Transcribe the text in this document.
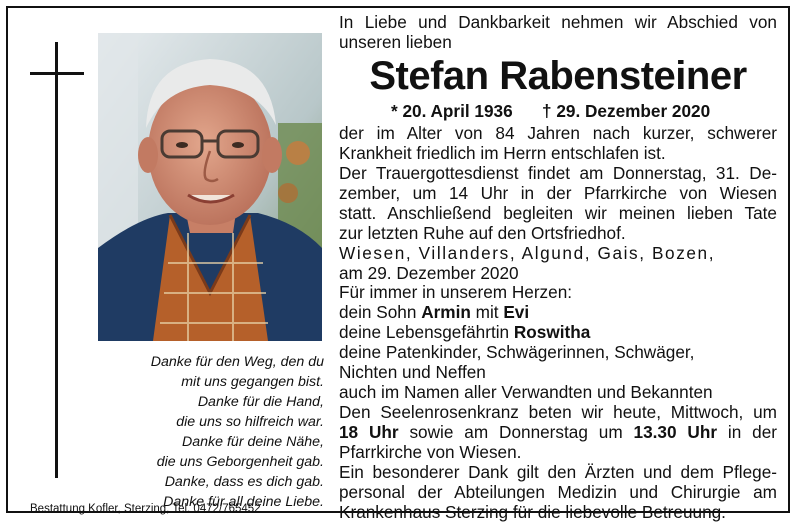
Danke für den Weg, den du
mit uns gegangen bist.
Danke für die Hand,
die uns so hilfreich war.
Danke für deine Nähe,
die uns Geborgenheit gab.
Danke, dass es dich gab.
Danke für all deine Liebe.
Bestattung Kofler, Sterzing, Tel. 0472/765452
In Liebe und Dankbarkeit nehmen wir Abschied von
unseren lieben
Stefan Rabensteiner
* 20. April 1936 † 29. Dezember 2020
der im Alter von 84 Jahren nach kurzer, schwerer
Krankheit friedlich im Herrn entschlafen ist.
Der Trauergottesdienst findet am Donnerstag, 31. De-
zember, um 14 Uhr in der Pfarrkirche von Wiesen
statt. Anschließend begleiten wir meinen lieben Tate
zur letzten Ruhe auf den Ortsfriedhof.
Wiesen, Villanders, Algund, Gais, Bozen,
am 29. Dezember 2020
Für immer in unserem Herzen:
dein Sohn Armin mit Evi
deine Lebensgefährtin Roswitha
deine Patenkinder, Schwägerinnen, Schwäger,
Nichten und Neffen
auch im Namen aller Verwandten und Bekannten
Den Seelenrosenkranz beten wir heute, Mittwoch, um
18 Uhr sowie am Donnerstag um 13.30 Uhr in der
Pfarrkirche von Wiesen.
Ein besonderer Dank gilt den Ärzten und dem Pflege-
personal der Abteilungen Medizin und Chirurgie am
Krankenhaus Sterzing für die liebevolle Betreuung.
